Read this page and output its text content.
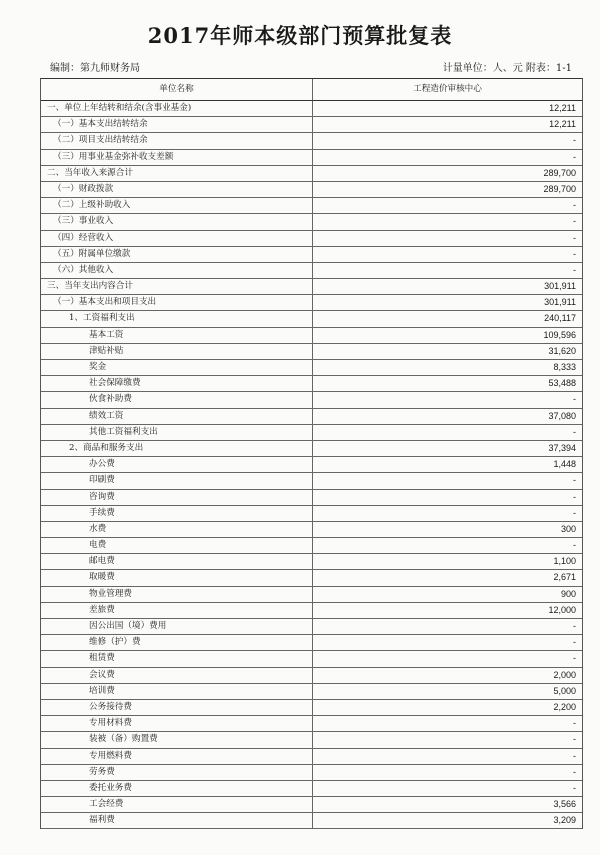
2017年师本级部门预算批复表
编制：第九师财务局	计量单位：人、元 附表：1-1
单位名称	工程造价审核中心
一、单位上年结转和结余(含事业基金)	12,211
（一）基本支出结转结余	12,211
（二）项目支出结转结余	-
（三）用事业基金弥补收支差额	-
二、当年收入来源合计	289,700
（一）财政拨款	289,700
（二）上级补助收入	-
（三）事业收入	-
（四）经营收入	-
（五）附属单位缴款	-
（六）其他收入	-
三、当年支出内容合计	301,911
（一）基本支出和项目支出	301,911
1、工资福利支出	240,117
基本工资	109,596
津贴补贴	31,620
奖金	8,333
社会保障缴费	53,488
伙食补助费	-
绩效工资	37,080
其他工资福利支出	-
2、商品和服务支出	37,394
办公费	1,448
印刷费	-
咨询费	-
手续费	-
水费	300
电费	-
邮电费	1,100
取暖费	2,671
物业管理费	900
差旅费	12,000
因公出国（境）费用	-
维修（护）费	-
租赁费	-
会议费	2,000
培训费	5,000
公务接待费	2,200
专用材料费	-
装被（备）购置费	-
专用燃料费	-
劳务费	-
委托业务费	-
工会经费	3,566
福利费	3,209
